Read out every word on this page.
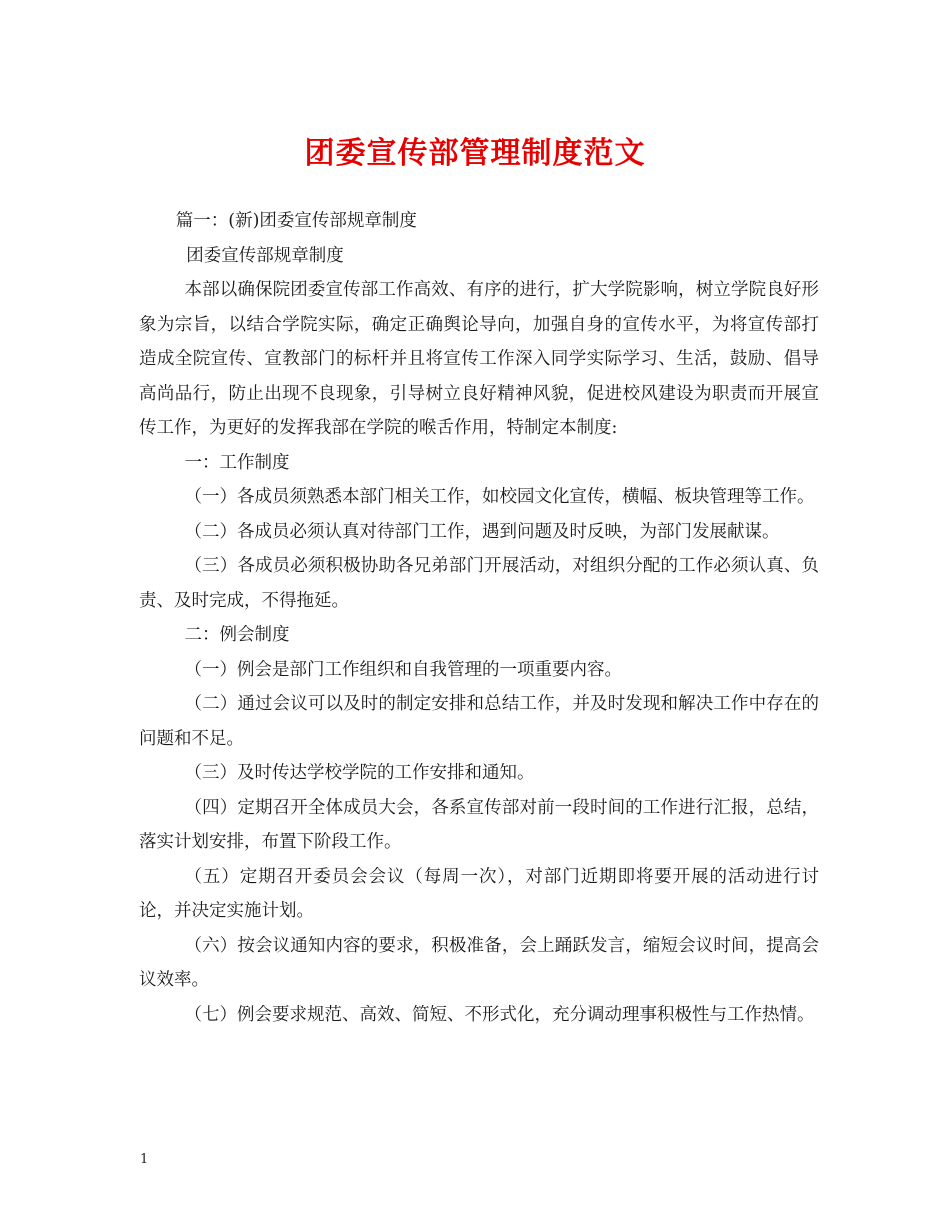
团委宣传部管理制度范文

篇一：(新)团委宣传部规章制度

团委宣传部规章制度

本部以确保院团委宣传部工作高效、有序的进行，扩大学院影响，树立学院良好形象为宗旨，以结合学院实际，确定正确舆论导向，加强自身的宣传水平，为将宣传部打造成全院宣传、宣教部门的标杆并且将宣传工作深入同学实际学习、生活，鼓励、倡导高尚品行，防止出现不良现象，引导树立良好精神风貌，促进校风建设为职责而开展宣传工作，为更好的发挥我部在学院的喉舌作用，特制定本制度:

一：工作制度

（一）各成员须熟悉本部门相关工作，如校园文化宣传，横幅、板块管理等工作。

（二）各成员必须认真对待部门工作，遇到问题及时反映，为部门发展献谋。

（三）各成员必须积极协助各兄弟部门开展活动，对组织分配的工作必须认真、负责、及时完成，不得拖延。

二：例会制度

（一）例会是部门工作组织和自我管理的一项重要内容。

（二）通过会议可以及时的制定安排和总结工作，并及时发现和解决工作中存在的问题和不足。

（三）及时传达学校学院的工作安排和通知。

（四）定期召开全体成员大会，各系宣传部对前一段时间的工作进行汇报，总结，落实计划安排，布置下阶段工作。

（五）定期召开委员会会议（每周一次），对部门近期即将要开展的活动进行讨论，并决定实施计划。

（六）按会议通知内容的要求，积极准备，会上踊跃发言，缩短会议时间，提高会议效率。

（七）例会要求规范、高效、简短、不形式化，充分调动理事积极性与工作热情。

1
